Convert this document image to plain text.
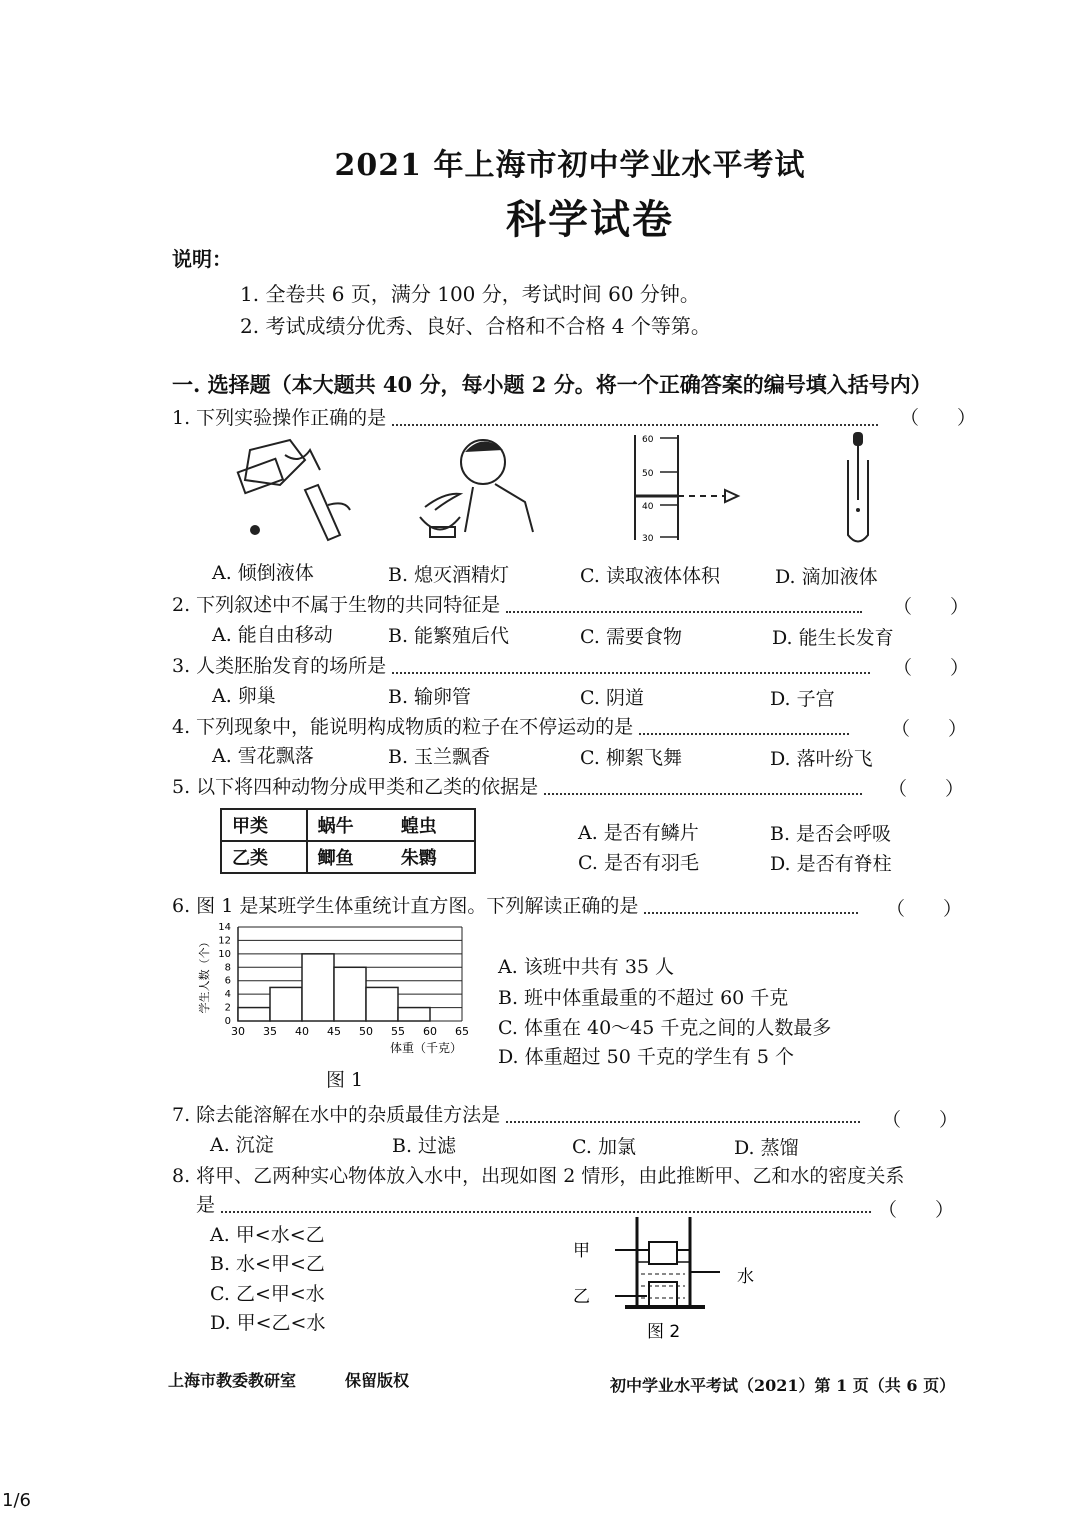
2021 年上海市初中学业水平考试
科学试卷
说明：
1. 全卷共 6 页，满分 100 分，考试时间 60 分钟。
2. 考试成绩分优秀、良好、合格和不合格 4 个等第。
一. 选择题（本大题共 40 分，每小题 2 分。将一个正确答案的编号填入括号内）
1. 下列实验操作正确的是	（　　）
60
50
40
30
A. 倾倒液体	B. 熄灭酒精灯	C. 读取液体体积	D. 滴加液体
2. 下列叙述中不属于生物的共同特征是	（　　）
A. 能自由移动	B. 能繁殖后代	C. 需要食物	D. 能生长发育
3. 人类胚胎发育的场所是	（　　）
A. 卵巢	B. 输卵管	C. 阴道	D. 子宫
4. 下列现象中，能说明构成物质的粒子在不停运动的是	（　　）
A. 雪花飘落	B. 玉兰飘香	C. 柳絮飞舞	D. 落叶纷飞
5. 以下将四种动物分成甲类和乙类的依据是	（　　）
甲类	蜗牛	蝗虫
乙类	鲫鱼	朱鹮
A. 是否有鳞片	B. 是否会呼吸
C. 是否有羽毛	D. 是否有脊柱
6. 图 1 是某班学生体重统计直方图。下列解读正确的是	（　　）
0
2
4
6
8
10
12
14
30 35 40 45 50 55 60 65
学生人数（个）
体重（千克）
图 1
A. 该班中共有 35 人
B. 班中体重最重的不超过 60 千克
C. 体重在 40～45 千克之间的人数最多
D. 体重超过 50 千克的学生有 5 个
7. 除去能溶解在水中的杂质最佳方法是	（　　）
A. 沉淀	B. 过滤	C. 加氯	D. 蒸馏
8. 将甲、乙两种实心物体放入水中，出现如图 2 情形，由此推断甲、乙和水的密度关系
是	（　　）
A. 甲<水<乙
B. 水<甲<乙
C. 乙<甲<水
D. 甲<乙<水
甲
乙
水
图 2
上海市教委教研室	保留版权	初中学业水平考试（2021）第 1 页（共 6 页）
1/6
